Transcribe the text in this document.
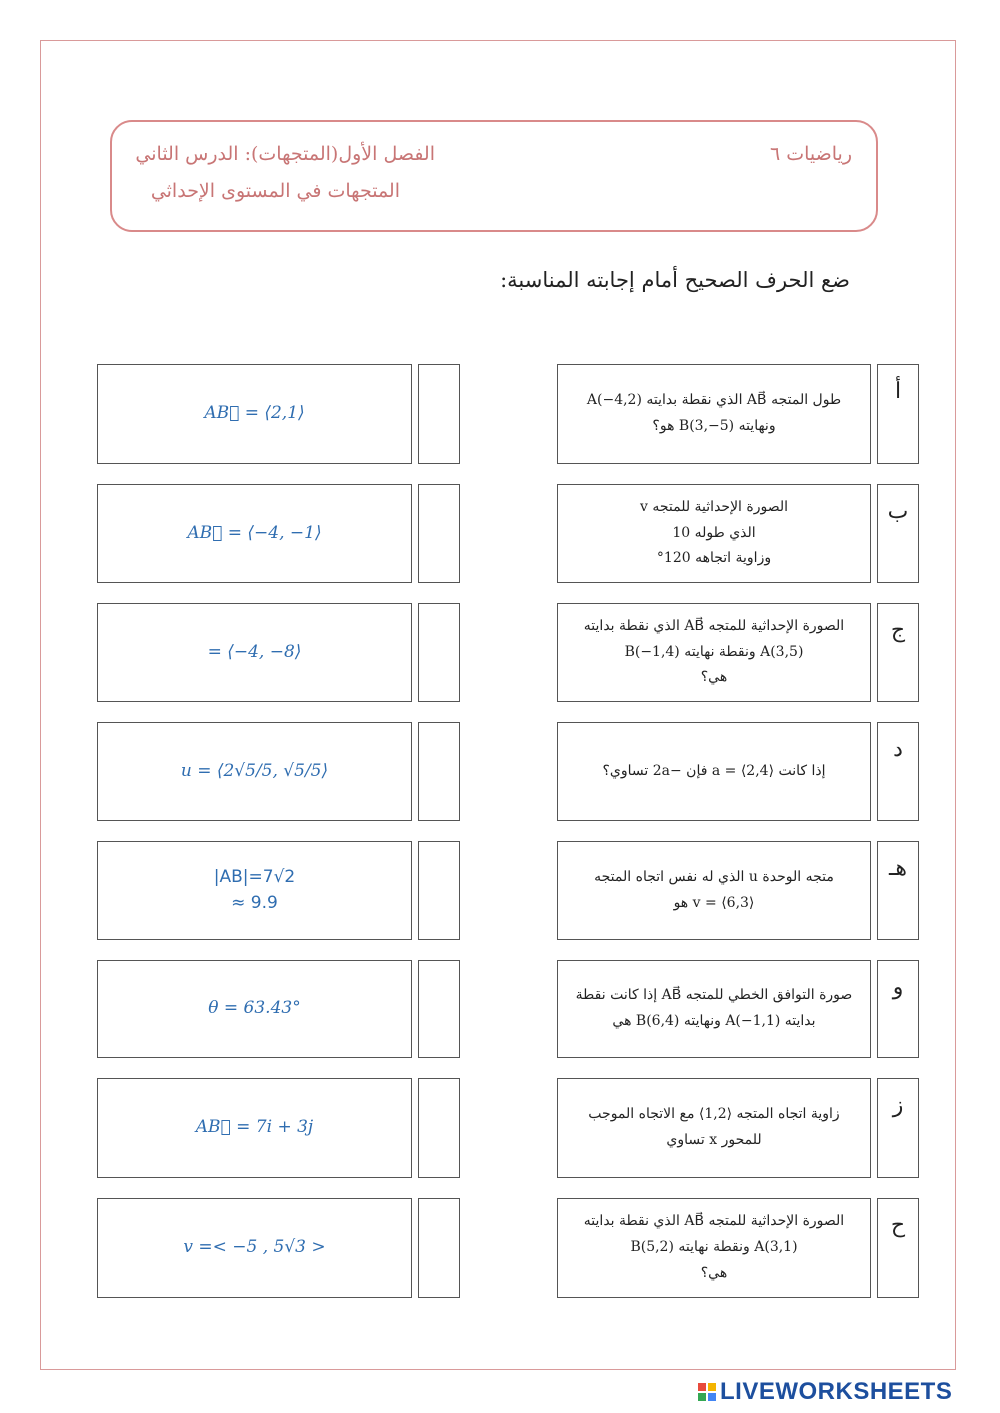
رياضيات ٦
الفصل الأول(المتجهات): الدرس الثاني
المتجهات في المستوى الإحداثي
ضع الحرف الصحيح أمام إجابته المناسبة:
AB⃗ = ⟨2,1⟩
طول المتجه AB⃗ الذي نقطة بدايته A(−4,2)
ونهايته B(3,−5) هو؟
أ
AB⃗ = ⟨−4, −1⟩
الصورة الإحداثية للمتجه v
الذي طوله 10
وزاوية اتجاهه 120°
ب
= ⟨−4, −8⟩
الصورة الإحداثية للمتجه AB⃗ الذي نقطة بدايته
A(3,5) ونقطة نهايته B(−1,4)
هي؟
ج
u = ⟨2√5/5, √5/5⟩	إذا كانت a = ⟨2,4⟩ فإن −2a تساوي؟
د
|AB|=7√2
≈ 9.9
متجه الوحدة u الذي له نفس اتجاه المتجه
v = ⟨6,3⟩ هو
هـ
θ = 63.43°
صورة التوافق الخطي للمتجه AB⃗ إذا كانت نقطة
بدايته A(−1,1) ونهايته B(6,4) هي
و
AB⃗ = 7i + 3j
زاوية اتجاه المتجه ⟨1,2⟩ مع الاتجاه الموجب
للمحور x تساوي
ز
v =< −5 , 5√3 >
الصورة الإحداثية للمتجه AB⃗ الذي نقطة بدايته
A(3,1) ونقطة نهايته B(5,2)
هي؟
ح
LIVEWORKSHEETS
